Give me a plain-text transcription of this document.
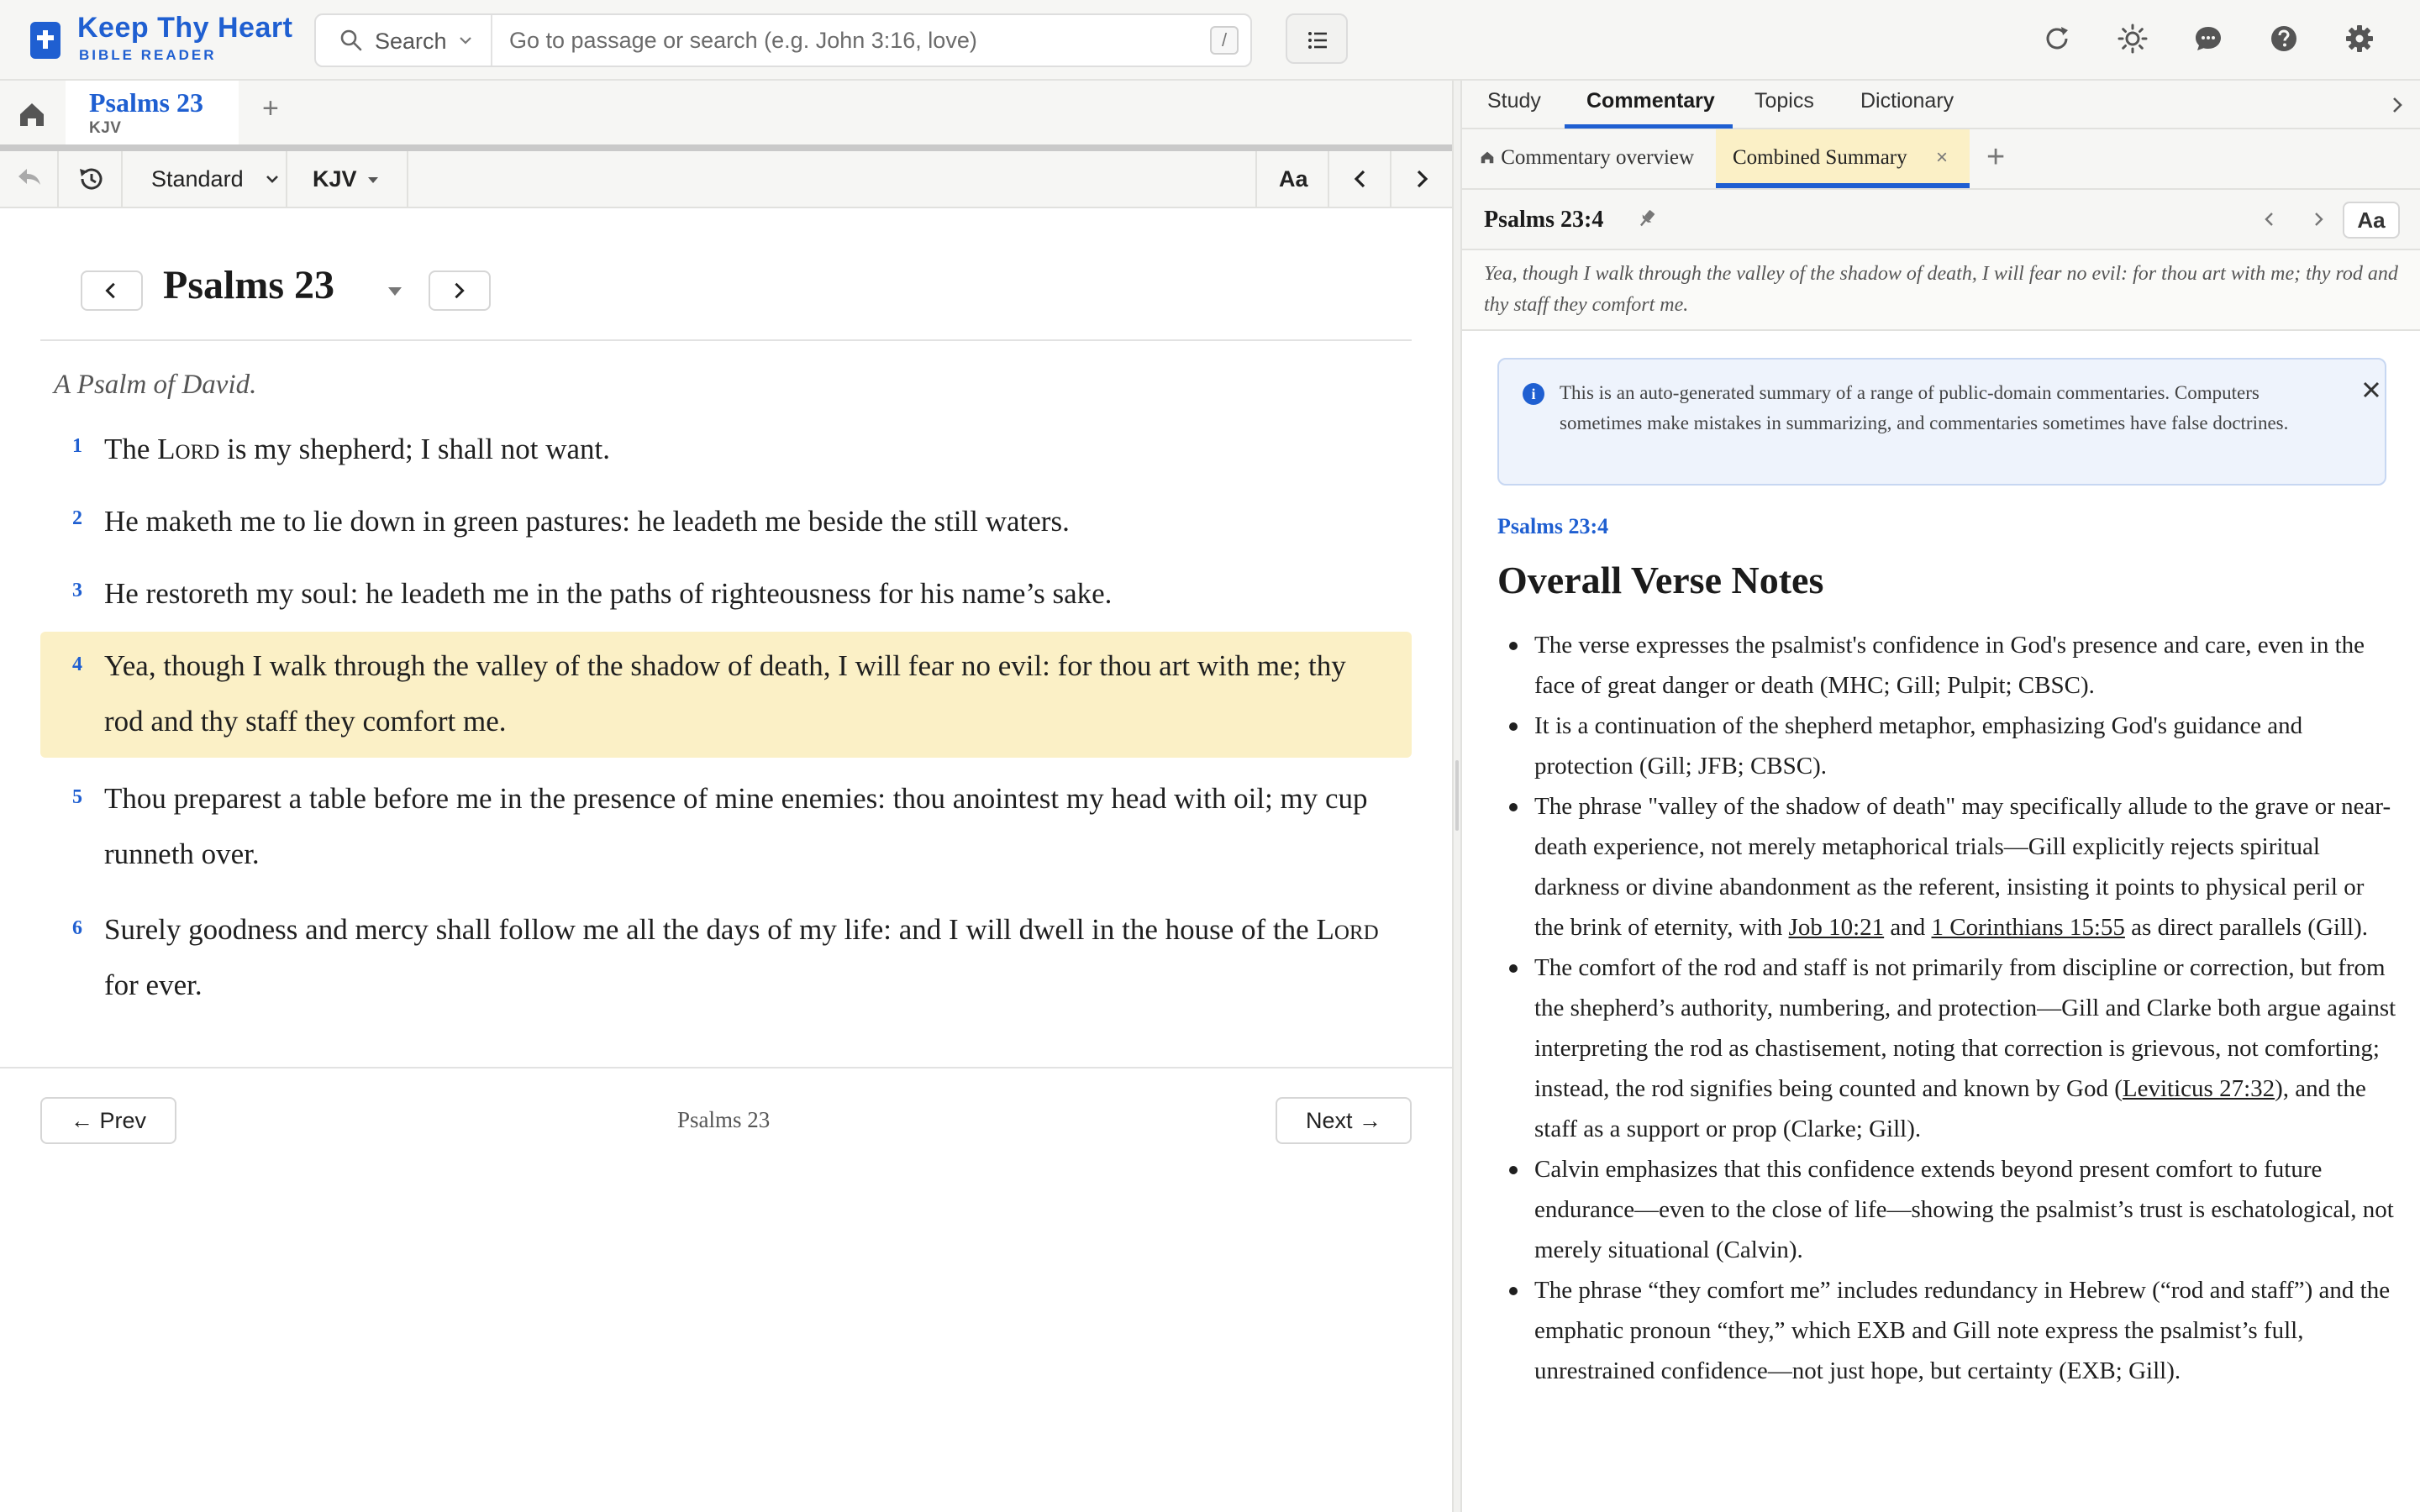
Keep Thy Heart
BIBLE READER
Search
Go to passage or search (e.g. John 3:16, love)	/
Psalms 23
KJV
+
Standard	KJV	Aa
Psalms 23
A Psalm of David.
1 The Lord is my shepherd; I shall not want.
2 He maketh me to lie down in green pastures: he leadeth me beside the still waters.
3 He restoreth my soul: he leadeth me in the paths of righteousness for his name’s sake.
4 Yea, though I walk through the valley of the shadow of death, I will fear no evil: for thou art with me; thy rod and thy staff they comfort me.
5 Thou preparest a table before me in the presence of mine enemies: thou anointest my head with oil; my cup runneth over.
6 Surely goodness and mercy shall follow me all the days of my life: and I will dwell in the house of the Lord for ever.
← Prev	Psalms 23	Next →
Study Commentary Topics Dictionary
Commentary overview Combined Summary × +
Psalms 23:4	Aa
Yea, though I walk through the valley of the shadow of death, I will fear no evil: for thou art with me; thy rod and thy staff they comfort me.
i	This is an auto-generated summary of a range of public-domain commentaries. Computers sometimes make mistakes in summarizing, and commentaries sometimes have false doctrines.
Psalms 23:4
Overall Verse Notes
The verse expresses the psalmist's confidence in God's presence and care, even in the face of great danger or death (MHC; Gill; Pulpit; CBSC).
It is a continuation of the shepherd metaphor, emphasizing God's guidance and protection (Gill; JFB; CBSC).
The phrase "valley of the shadow of death" may specifically allude to the grave or near-death experience, not merely metaphorical trials—Gill explicitly rejects spiritual darkness or divine abandonment as the referent, insisting it points to physical peril or the brink of eternity, with Job 10:21 and 1 Corinthians 15:55 as direct parallels (Gill).
The comfort of the rod and staff is not primarily from discipline or correction, but from the shepherd’s authority, numbering, and protection—Gill and Clarke both argue against interpreting the rod as chastisement, noting that correction is grievous, not comforting; instead, the rod signifies being counted and known by God (Leviticus 27:32), and the staff as a support or prop (Clarke; Gill).
Calvin emphasizes that this confidence extends beyond present comfort to future endurance—even to the close of life—showing the psalmist’s trust is eschatological, not merely situational (Calvin).
The phrase “they comfort me” includes redundancy in Hebrew (“rod and staff”) and the emphatic pronoun “they,” which EXB and Gill note express the psalmist’s full, unrestrained confidence—not just hope, but certainty (EXB; Gill).
